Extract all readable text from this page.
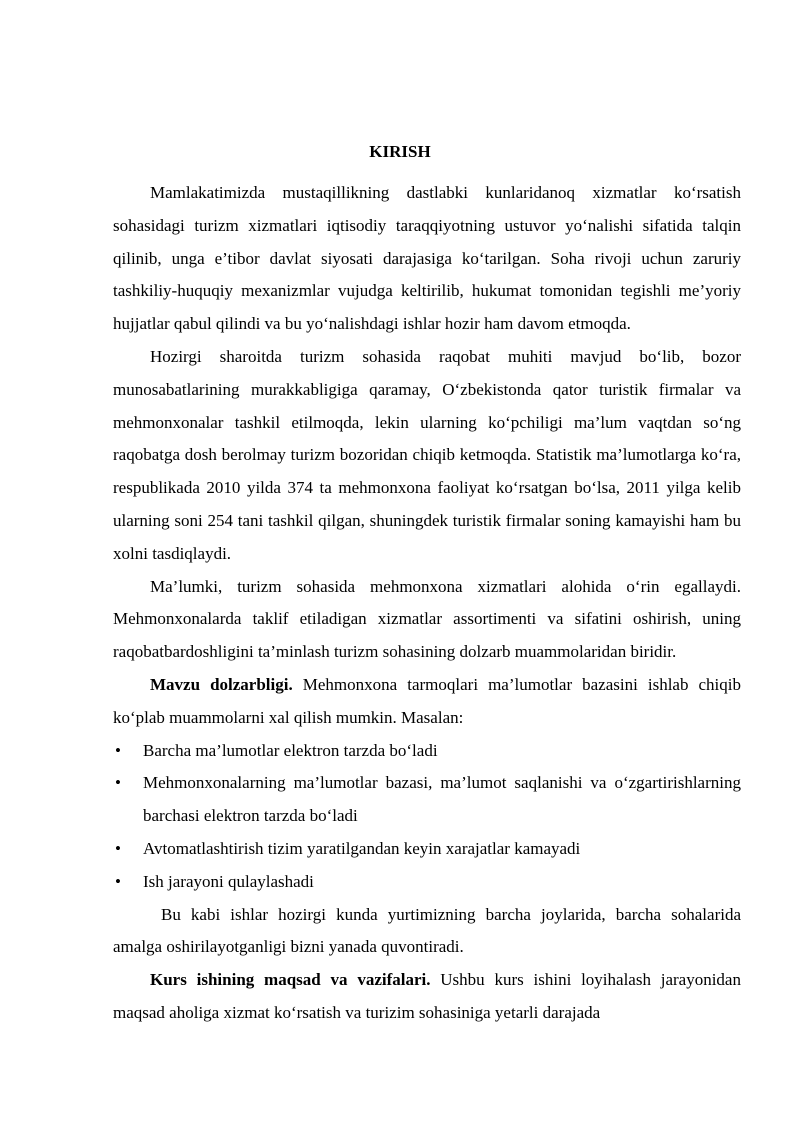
KIRISH

Mamlakatimizda mustaqillikning dastlabki kunlaridanoq xizmatlar ko‘rsatish sohasidagi turizm xizmatlari iqtisodiy taraqqiyotning ustuvor yo‘nalishi sifatida talqin qilinib, unga e’tibor davlat siyosati darajasiga ko‘tarilgan. Soha rivoji uchun zaruriy tashkiliy-huquqiy mexanizmlar vujudga keltirilib, hukumat tomonidan tegishli me’yoriy hujjatlar qabul qilindi va bu yo‘nalishdagi ishlar hozir ham davom etmoqda.

Hozirgi sharoitda turizm sohasida raqobat muhiti mavjud bo‘lib, bozor munosabatlarining murakkabligiga qaramay, O‘zbekistonda qator turistik firmalar va mehmonxonalar tashkil etilmoqda, lekin ularning ko‘pchiligi ma’lum vaqtdan so‘ng raqobatga dosh berolmay turizm bozoridan chiqib ketmoqda. Statistik ma’lumotlarga ko‘ra, respublikada 2010 yilda 374 ta mehmonxona faoliyat ko‘rsatgan bo‘lsa, 2011 yilga kelib ularning soni 254 tani tashkil qilgan, shuningdek turistik firmalar soning kamayishi ham bu xolni tasdiqlaydi.

Ma’lumki, turizm sohasida mehmonxona xizmatlari alohida o‘rin egallaydi. Mehmonxonalarda taklif etiladigan xizmatlar assortimenti va sifatini oshirish, uning raqobatbardoshligini ta’minlash turizm sohasining dolzarb muammolaridan biridir.

Mavzu dolzarbligi. Mehmonxona tarmoqlari ma’lumotlar bazasini ishlab chiqib ko‘plab muammolarni xal qilish mumkin. Masalan:

•	Barcha ma’lumotlar elektron tarzda bo‘ladi
•	Mehmonxonalarning ma’lumotlar bazasi, ma’lumot saqlanishi va o‘zgartirishlarning barchasi elektron tarzda bo‘ladi
•	Avtomatlashtirish tizim yaratilgandan keyin xarajatlar kamayadi
•	Ish jarayoni qulaylashadi

Bu kabi ishlar hozirgi kunda yurtimizning barcha joylarida, barcha sohalarida amalga oshirilayotganligi bizni yanada quvontiradi.

Kurs ishining maqsad va vazifalari. Ushbu kurs ishini loyihalash jarayonidan maqsad aholiga xizmat ko‘rsatish va turizim sohasiniga yetarli darajada
